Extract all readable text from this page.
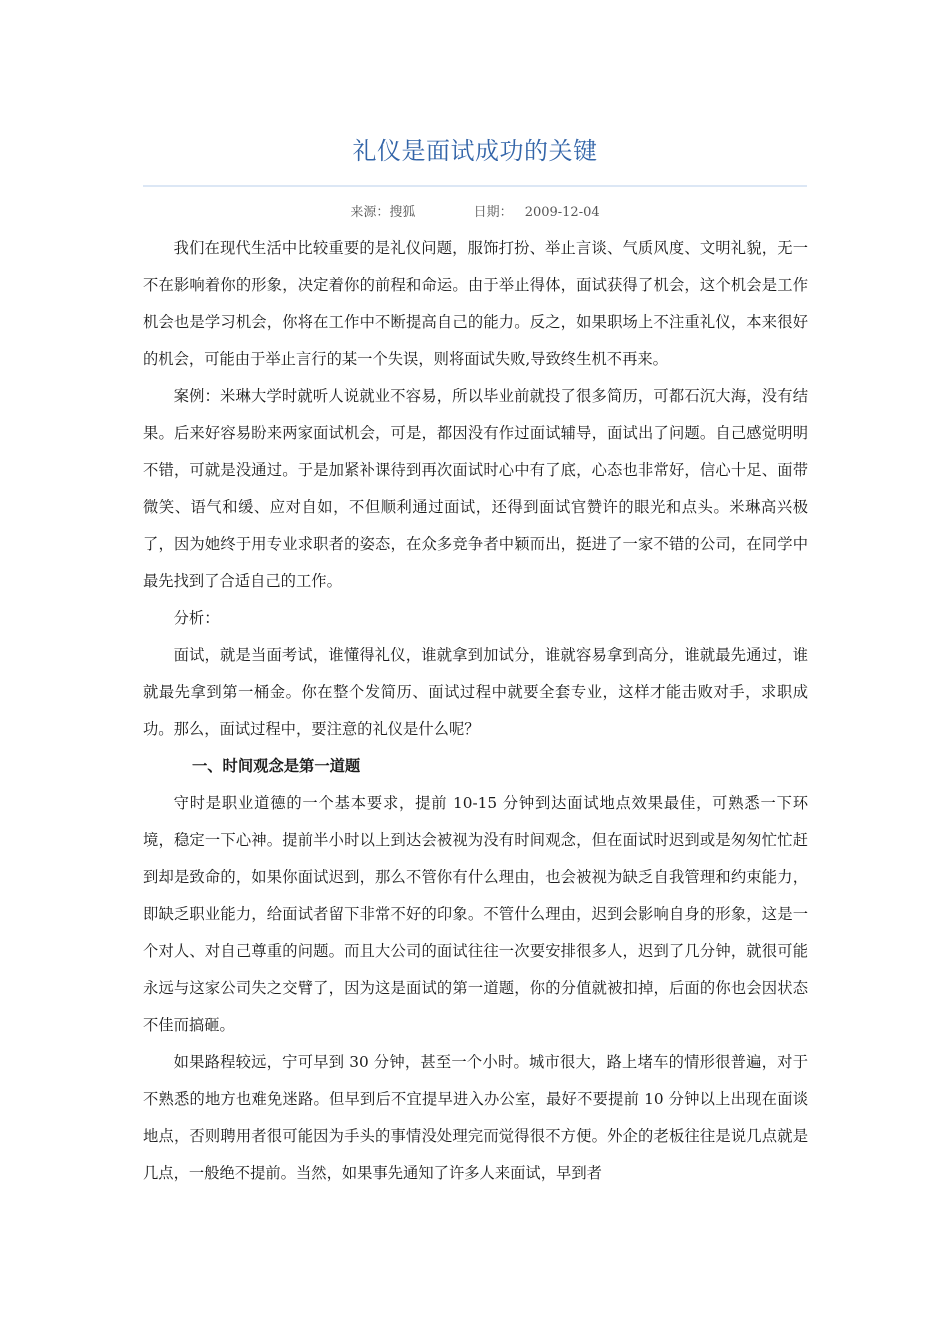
礼仪是面试成功的关键
来源：搜狐	日期： 2009-12-04

我们在现代生活中比较重要的是礼仪问题，服饰打扮、举止言谈、气质风度、文明礼貌，无一不在影响着你的形象，决定着你的前程和命运。由于举止得体，面试获得了机会，这个机会是工作机会也是学习机会，你将在工作中不断提高自己的能力。反之，如果职场上不注重礼仪，本来很好的机会，可能由于举止言行的某一个失误，则将面试失败,导致终生机不再来。

案例：米琳大学时就听人说就业不容易，所以毕业前就投了很多简历，可都石沉大海，没有结果。后来好容易盼来两家面试机会，可是，都因没有作过面试辅导，面试出了问题。自己感觉明明不错，可就是没通过。于是加紧补课待到再次面试时心中有了底，心态也非常好，信心十足、面带微笑、语气和缓、应对自如，不但顺利通过面试，还得到面试官赞许的眼光和点头。米琳高兴极了，因为她终于用专业求职者的姿态，在众多竞争者中颖而出，挺进了一家不错的公司，在同学中最先找到了合适自己的工作。

分析：

面试，就是当面考试，谁懂得礼仪，谁就拿到加试分，谁就容易拿到高分，谁就最先通过，谁就最先拿到第一桶金。你在整个发简历、面试过程中就要全套专业，这样才能击败对手，求职成功。那么，面试过程中，要注意的礼仪是什么呢？

一、时间观念是第一道题

守时是职业道德的一个基本要求，提前 10-15 分钟到达面试地点效果最佳，可熟悉一下环境，稳定一下心神。提前半小时以上到达会被视为没有时间观念，但在面试时迟到或是匆匆忙忙赶到却是致命的，如果你面试迟到，那么不管你有什么理由，也会被视为缺乏自我管理和约束能力，即缺乏职业能力，给面试者留下非常不好的印象。不管什么理由，迟到会影响自身的形象，这是一个对人、对自己尊重的问题。而且大公司的面试往往一次要安排很多人，迟到了几分钟，就很可能永远与这家公司失之交臂了，因为这是面试的第一道题，你的分值就被扣掉，后面的你也会因状态不佳而搞砸。

如果路程较远，宁可早到 30 分钟，甚至一个小时。城市很大，路上堵车的情形很普遍，对于不熟悉的地方也难免迷路。但早到后不宜提早进入办公室，最好不要提前 10 分钟以上出现在面谈地点，否则聘用者很可能因为手头的事情没处理完而觉得很不方便。外企的老板往往是说几点就是几点，一般绝不提前。当然，如果事先通知了许多人来面试，早到者
